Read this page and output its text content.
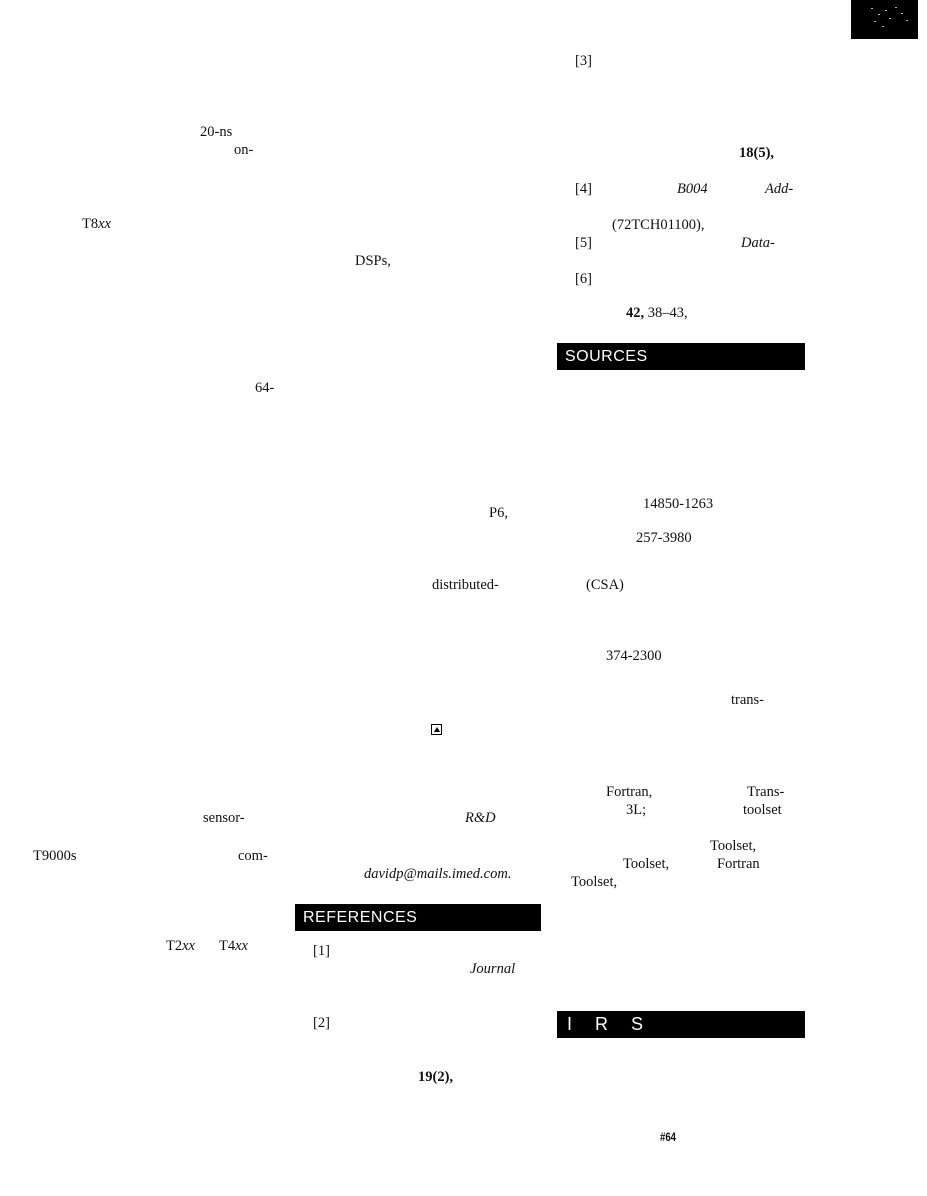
20-ns
on-
T8xx
64-
sensor-
T9000s	com-
T2xx T4xx
DSPs,
P6,
distributed-
R&D
davidp@mails.imed.com.
REFERENCES
[1]
Journal
[2]
19(2),
[3]
18(5),
[4]	B004	Add-
(72TCH01100),
[5]	Data-
[6]
42, 38–43,
SOURCES
14850-1263
257-3980
(CSA)
374-2300
trans-
Fortran,	Trans-
3L;	toolset
Toolset,
Toolset,	Fortran
Toolset,
I R S
#64
